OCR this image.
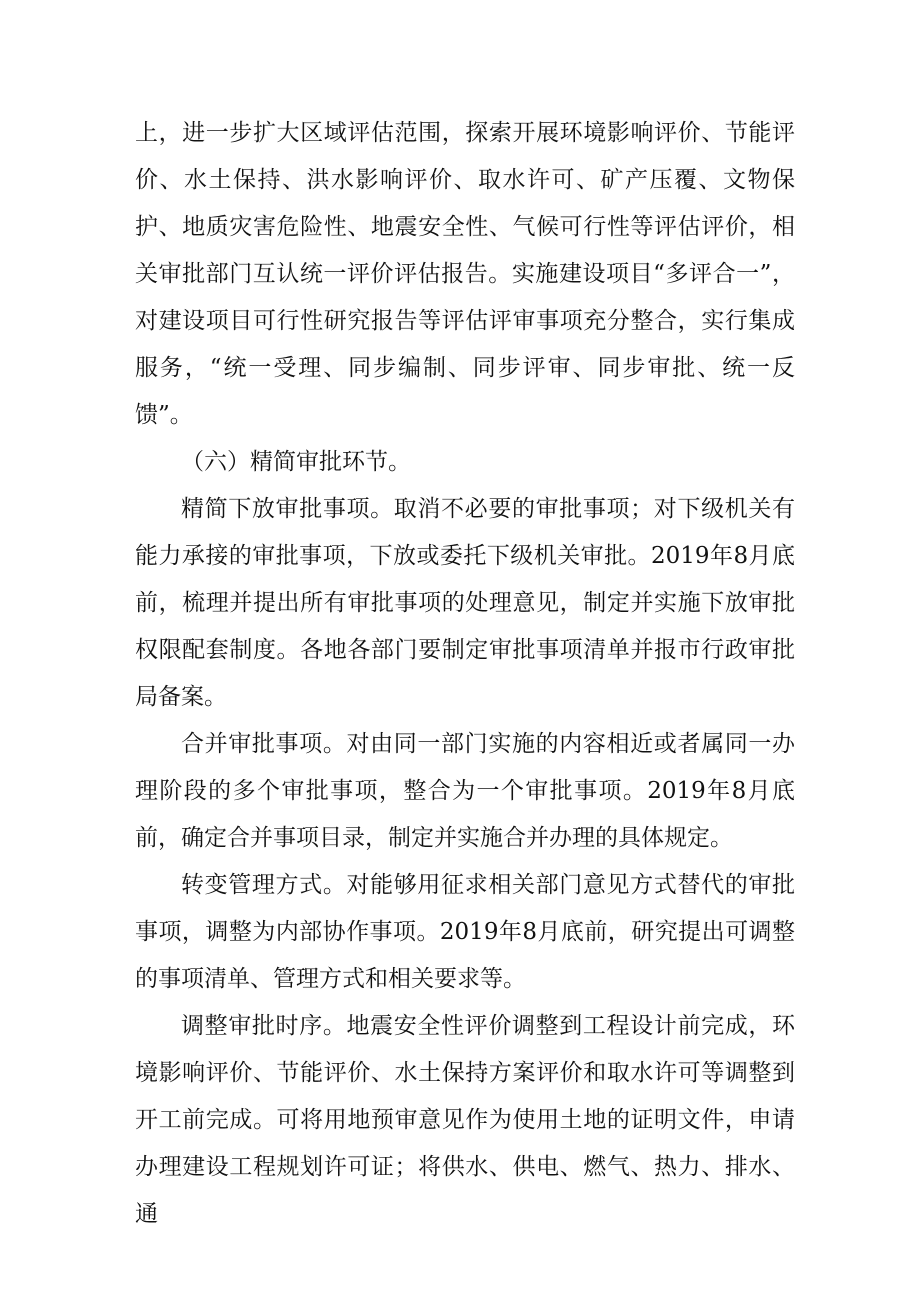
上，进一步扩大区域评估范围，探索开展环境影响评价、节能评价、水土保持、洪水影响评价、取水许可、矿产压覆、文物保护、地质灾害危险性、地震安全性、气候可行性等评估评价，相关审批部门互认统一评价评估报告。实施建设项目“多评合一”，对建设项目可行性研究报告等评估评审事项充分整合，实行集成服务，“统一受理、同步编制、同步评审、同步审批、统一反馈”。

（六）精简审批环节。

精简下放审批事项。取消不必要的审批事项；对下级机关有能力承接的审批事项，下放或委托下级机关审批。2019年8月底前，梳理并提出所有审批事项的处理意见，制定并实施下放审批权限配套制度。各地各部门要制定审批事项清单并报市行政审批局备案。

合并审批事项。对由同一部门实施的内容相近或者属同一办理阶段的多个审批事项，整合为一个审批事项。2019年8月底前，确定合并事项目录，制定并实施合并办理的具体规定。

转变管理方式。对能够用征求相关部门意见方式替代的审批事项，调整为内部协作事项。2019年8月底前，研究提出可调整的事项清单、管理方式和相关要求等。

调整审批时序。地震安全性评价调整到工程设计前完成，环境影响评价、节能评价、水土保持方案评价和取水许可等调整到开工前完成。可将用地预审意见作为使用土地的证明文件，申请办理建设工程规划许可证；将供水、供电、燃气、热力、排水、通
